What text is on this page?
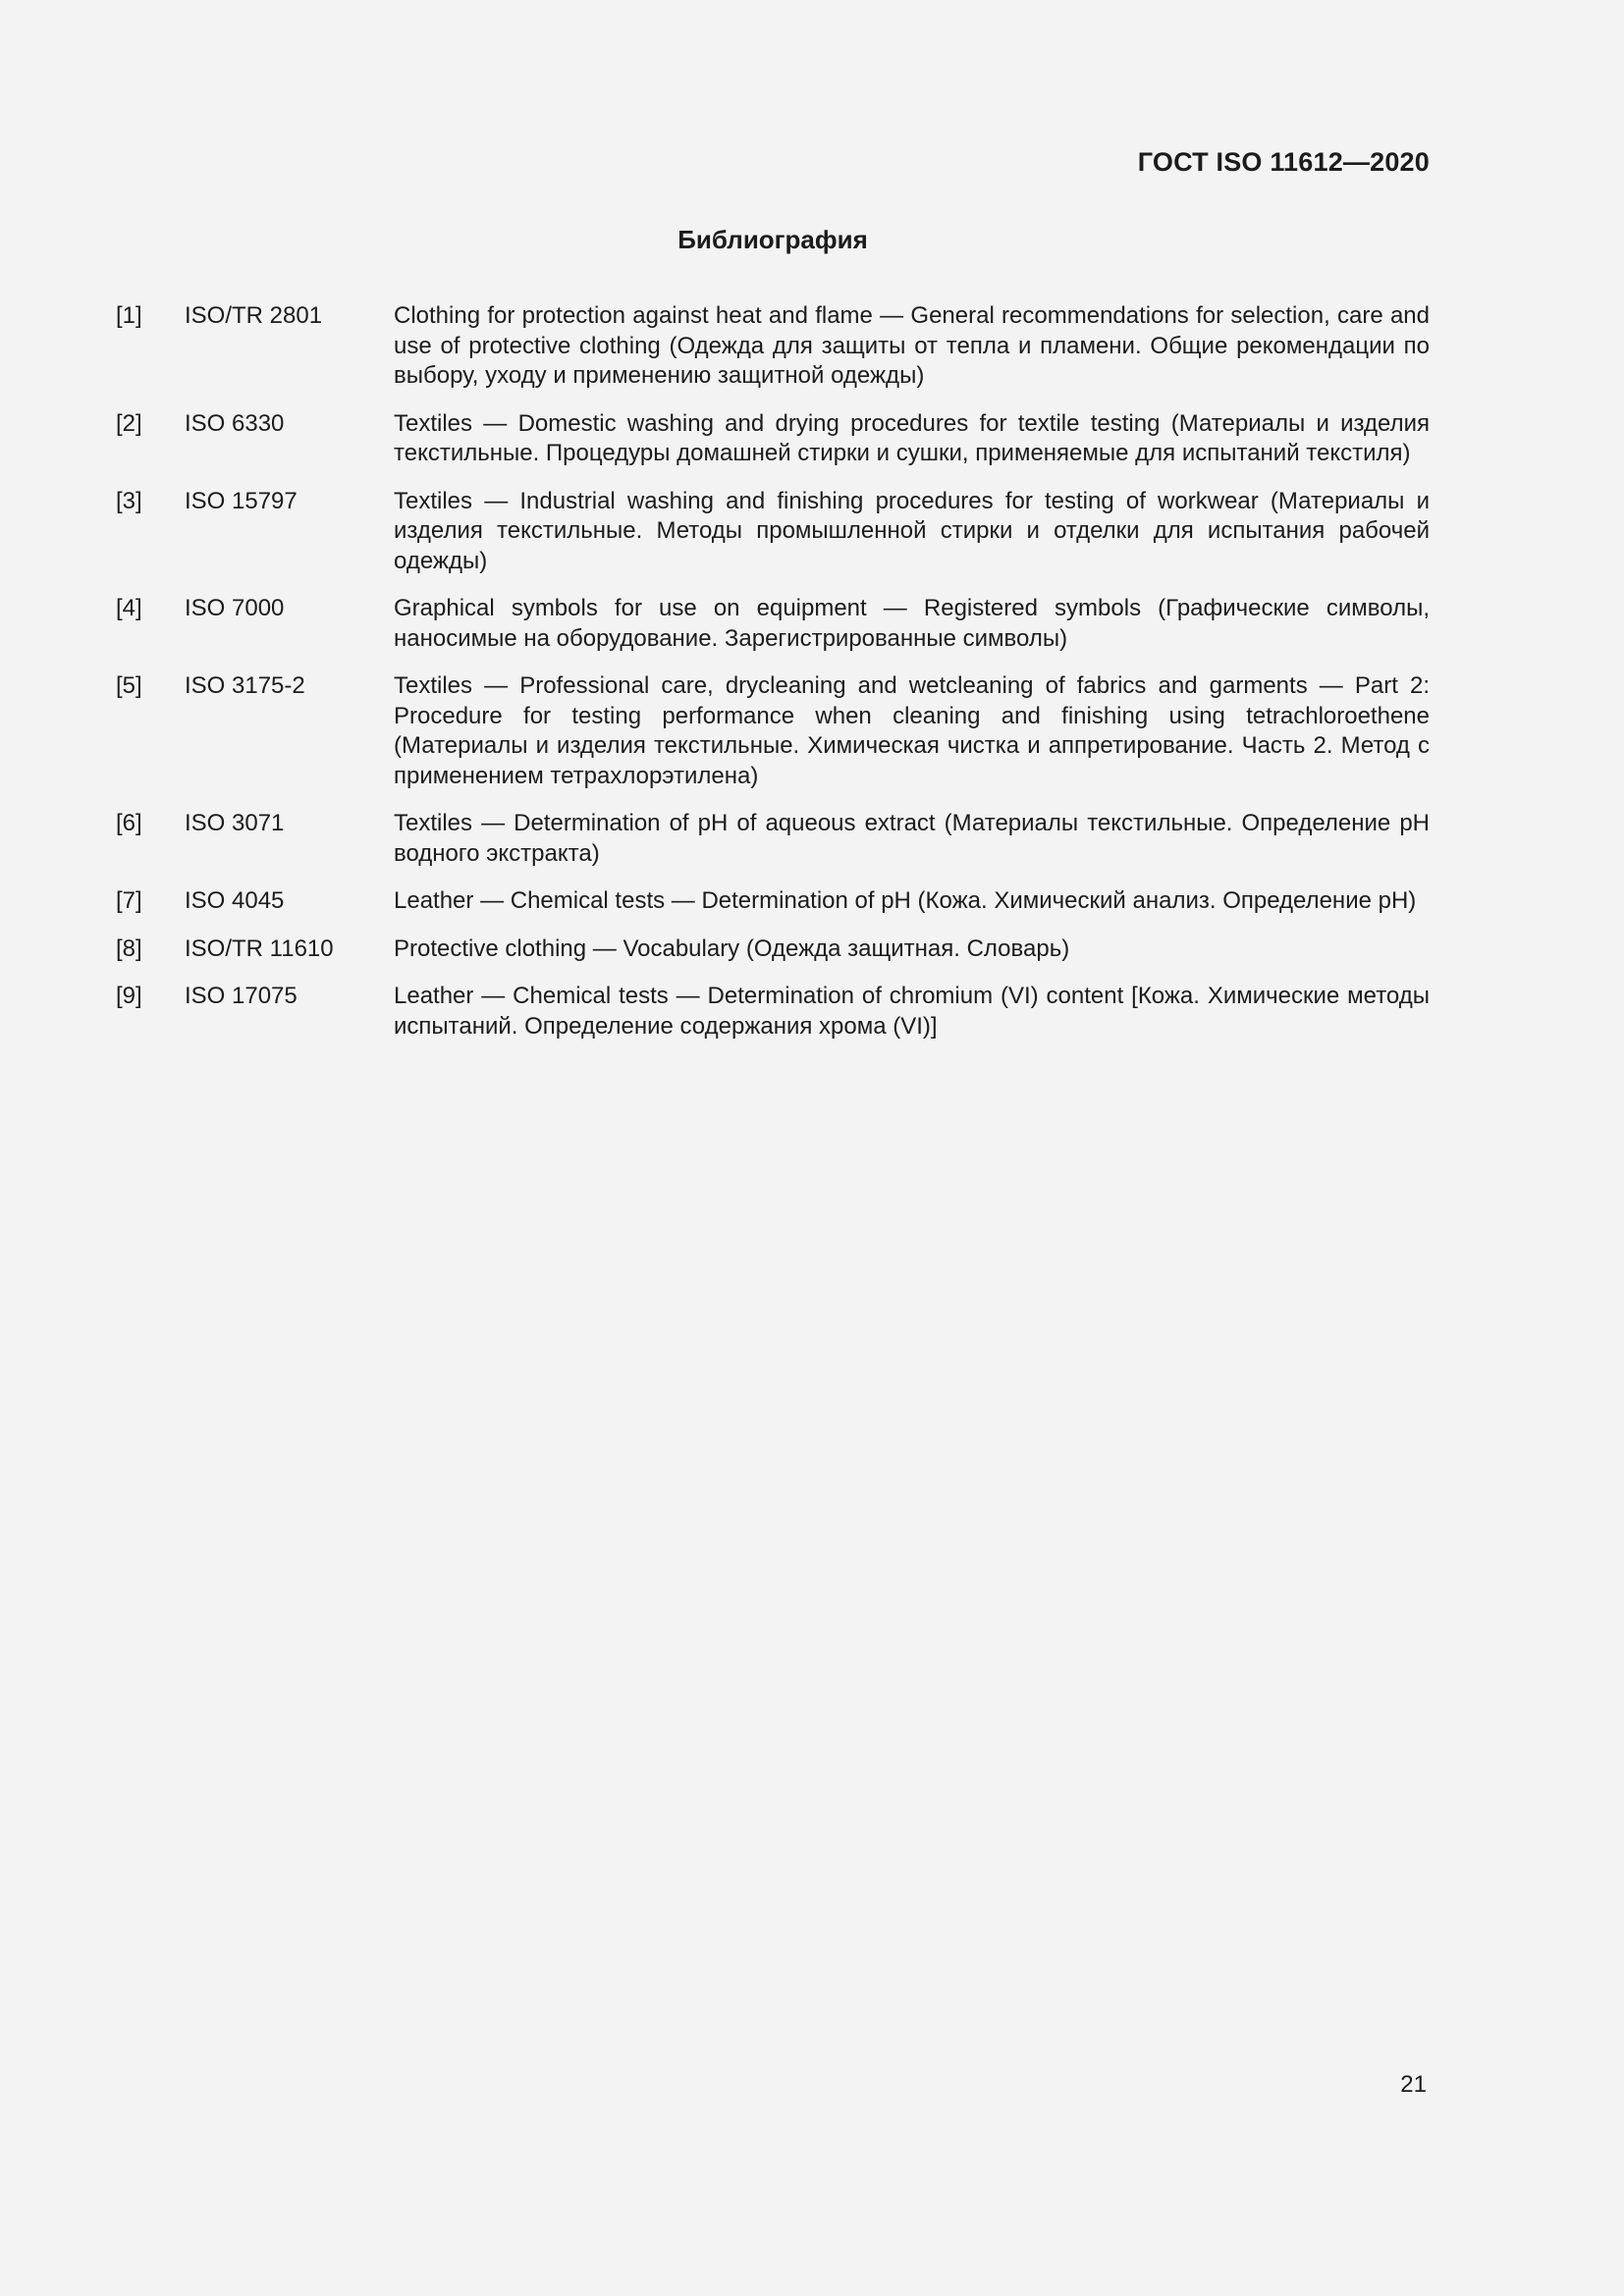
ГОСТ ISO 11612—2020
Библиография
[1]	ISO/TR 2801	Clothing for protection against heat and flame — General recommendations for selection, care and use of protective clothing (Одежда для защиты от тепла и пламени. Общие рекомендации по выбору, уходу и применению защитной одежды)
[2]	ISO 6330	Textiles — Domestic washing and drying procedures for textile testing (Материалы и изделия текстильные. Процедуры домашней стирки и сушки, применяемые для испытаний текстиля)
[3]	ISO 15797	Textiles — Industrial washing and finishing procedures for testing of workwear (Материалы и изделия текстильные. Методы промышленной стирки и отделки для испытания рабочей одежды)
[4]	ISO 7000	Graphical symbols for use on equipment — Registered symbols (Графические символы, наносимые на оборудование. Зарегистрированные символы)
[5]	ISO 3175-2	Textiles — Professional care, drycleaning and wetcleaning of fabrics and garments — Part 2: Procedure for testing performance when cleaning and finishing using tetrachloroethene (Материалы и изделия текстильные. Химическая чистка и аппретирование. Часть 2. Метод с применением тетрахлорэтилена)
[6]	ISO 3071	Textiles — Determination of pH of aqueous extract (Материалы текстильные. Определение pH водного экстракта)
[7]	ISO 4045	Leather — Chemical tests — Determination of pH (Кожа. Химический анализ. Определение pH)
[8]	ISO/TR 11610	Protective clothing — Vocabulary (Одежда защитная. Словарь)
[9]	ISO 17075	Leather — Chemical tests — Determination of chromium (VI) content [Кожа. Химические методы испытаний. Определение содержания хрома (VI)]
21
